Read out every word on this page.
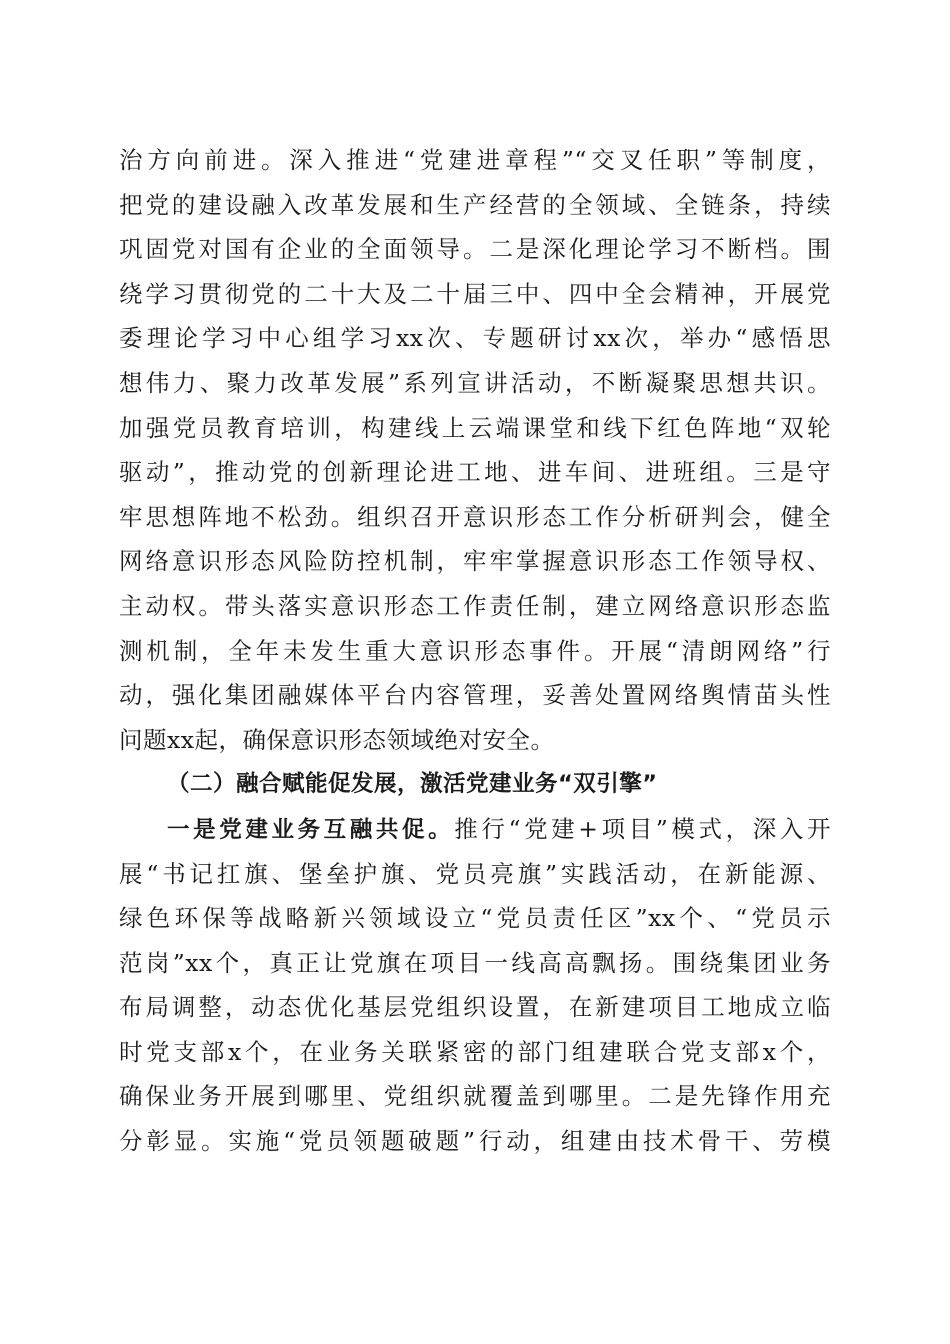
治方向前进。深入推进“党建进章程”“交叉任职”等制度，
把党的建设融入改革发展和生产经营的全领域、全链条，持续
巩固党对国有企业的全面领导。二是深化理论学习不断档。围
绕学习贯彻党的二十大及二十届三中、四中全会精神，开展党
委理论学习中心组学习xx次、专题研讨xx次，举办“感悟思
想伟力、聚力改革发展”系列宣讲活动，不断凝聚思想共识。
加强党员教育培训，构建线上云端课堂和线下红色阵地“双轮
驱动”，推动党的创新理论进工地、进车间、进班组。三是守
牢思想阵地不松劲。组织召开意识形态工作分析研判会，健全
网络意识形态风险防控机制，牢牢掌握意识形态工作领导权、
主动权。带头落实意识形态工作责任制，建立网络意识形态监
测机制，全年未发生重大意识形态事件。开展“清朗网络”行
动，强化集团融媒体平台内容管理，妥善处置网络舆情苗头性
问题xx起，确保意识形态领域绝对安全。
（二）融合赋能促发展，激活党建业务“双引擎”
一是党建业务互融共促。推行“党建+项目”模式，深入开
展“书记扛旗、堡垒护旗、党员亮旗”实践活动，在新能源、
绿色环保等战略新兴领域设立“党员责任区”xx个、“党员示
范岗”xx个，真正让党旗在项目一线高高飘扬。围绕集团业务
布局调整，动态优化基层党组织设置，在新建项目工地成立临
时党支部x个，在业务关联紧密的部门组建联合党支部x个，
确保业务开展到哪里、党组织就覆盖到哪里。二是先锋作用充
分彰显。实施“党员领题破题”行动，组建由技术骨干、劳模
